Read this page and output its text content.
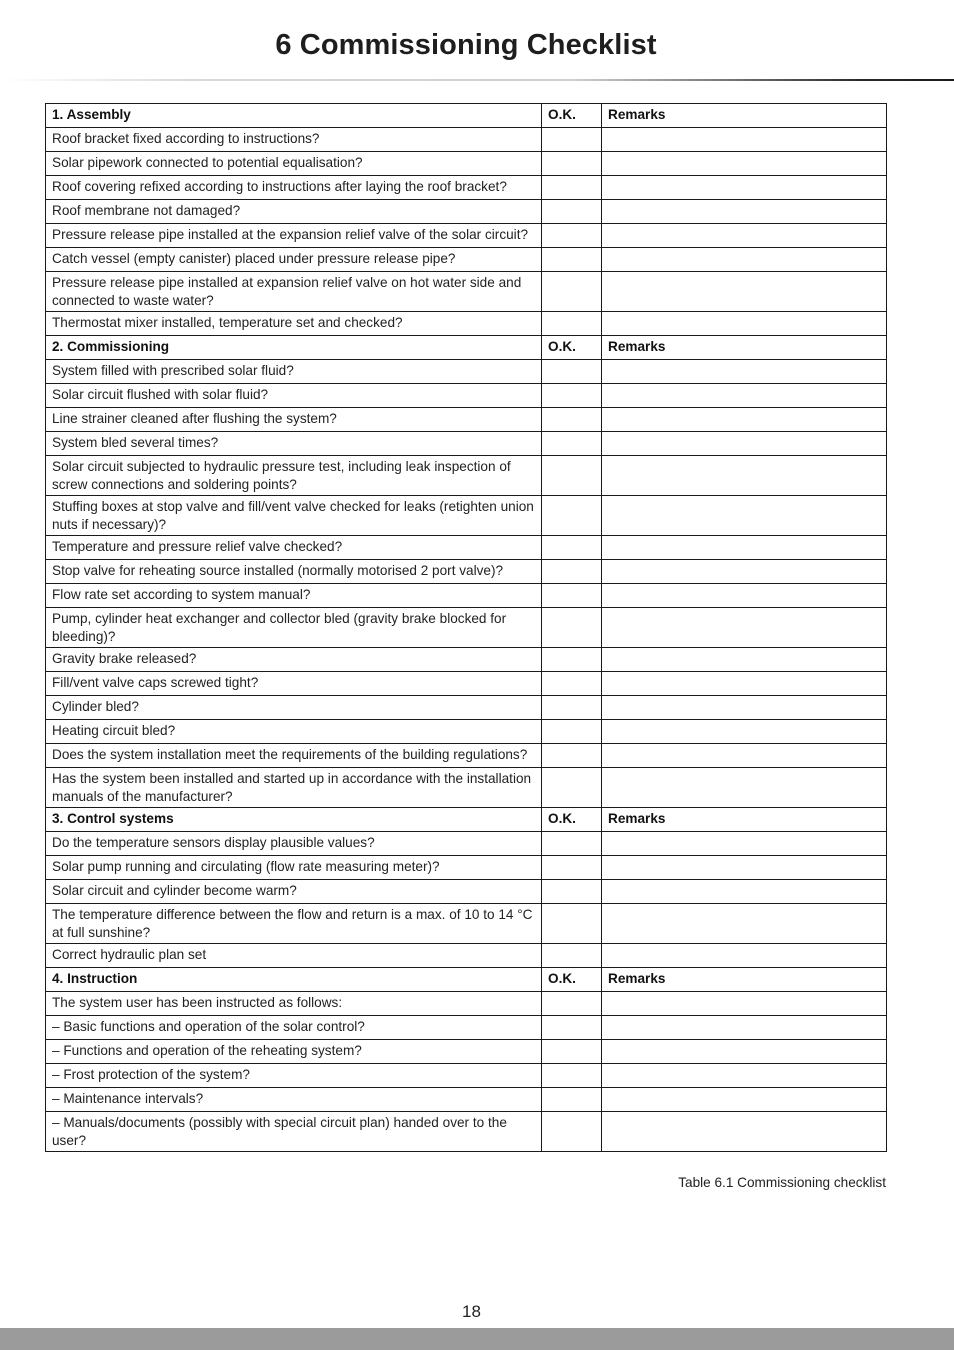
6 Commissioning Checklist
1. Assembly	O.K.	Remarks
Roof bracket fixed according to instructions?		
Solar pipework connected to potential equalisation?		
Roof covering refixed according to instructions after laying the roof bracket?		
Roof membrane not damaged?		
Pressure release pipe installed at the expansion relief valve of the solar circuit?		
Catch vessel (empty canister) placed under pressure release pipe?		
Pressure release pipe installed at expansion relief valve on hot water side and connected to waste water?		
Thermostat mixer installed, temperature set and checked?		
2. Commissioning	O.K.	Remarks
System filled with prescribed solar fluid?		
Solar circuit flushed with solar fluid?		
Line strainer cleaned after flushing the system?		
System bled several times?		
Solar circuit subjected to hydraulic pressure test, including leak inspection of screw connections and soldering points?		
Stuffing boxes at stop valve and fill/vent valve checked for leaks (retighten union nuts if necessary)?		
Temperature and pressure relief valve checked?		
Stop valve for reheating source installed (normally motorised 2 port valve)?		
Flow rate set according to system manual?		
Pump, cylinder heat exchanger and collector bled (gravity brake blocked for bleeding)?		
Gravity brake released?		
Fill/vent valve caps screwed tight?		
Cylinder bled?		
Heating circuit bled?		
Does the system installation meet the requirements of the building regulations?		
Has the system been installed and started up in accordance with the installation manuals of the manufacturer?		
3. Control systems	O.K.	Remarks
Do the temperature sensors display plausible values?		
Solar pump running and circulating (flow rate measuring meter)?		
Solar circuit and cylinder become warm?		
The temperature difference between the flow and return is a max. of 10 to 14 °C at full sunshine?		
Correct hydraulic plan set		
4. Instruction	O.K.	Remarks
The system user has been instructed as follows:		
– Basic functions and operation of the solar control?		
– Functions and operation of the reheating system?		
– Frost protection of the system?		
– Maintenance intervals?		
– Manuals/documents (possibly with special circuit plan) handed over to the user?		
Table 6.1 Commissioning checklist
18
